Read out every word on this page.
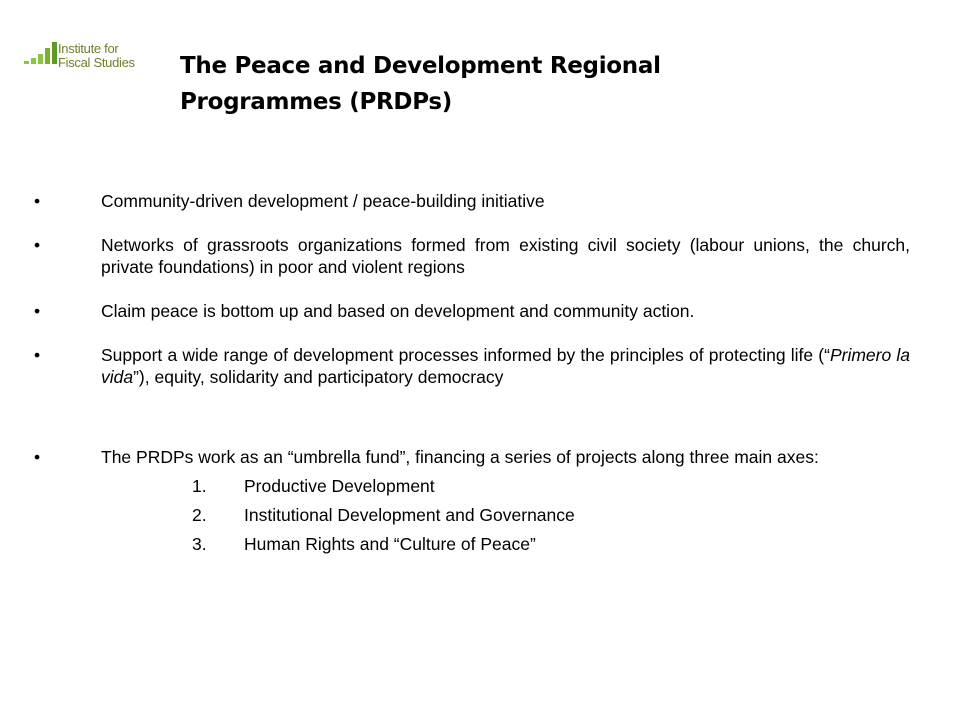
Institute for
Fiscal Studies The Peace and Development Regional
Programmes (PRDPs)
•	Community-driven development / peace-building initiative
•	Networks of grassroots organizations formed from existing civil society (labour unions, the church, private foundations) in poor and violent regions
•	Claim peace is bottom up and based on development and community action.
•	Support a wide range of development processes informed by the principles of protecting life (“Primero la vida”), equity, solidarity and participatory democracy
•	The PRDPs work as an “umbrella fund”, financing a series of projects along three main axes:
1.	Productive Development
2.	Institutional Development and Governance
3.	Human Rights and “Culture of Peace”
